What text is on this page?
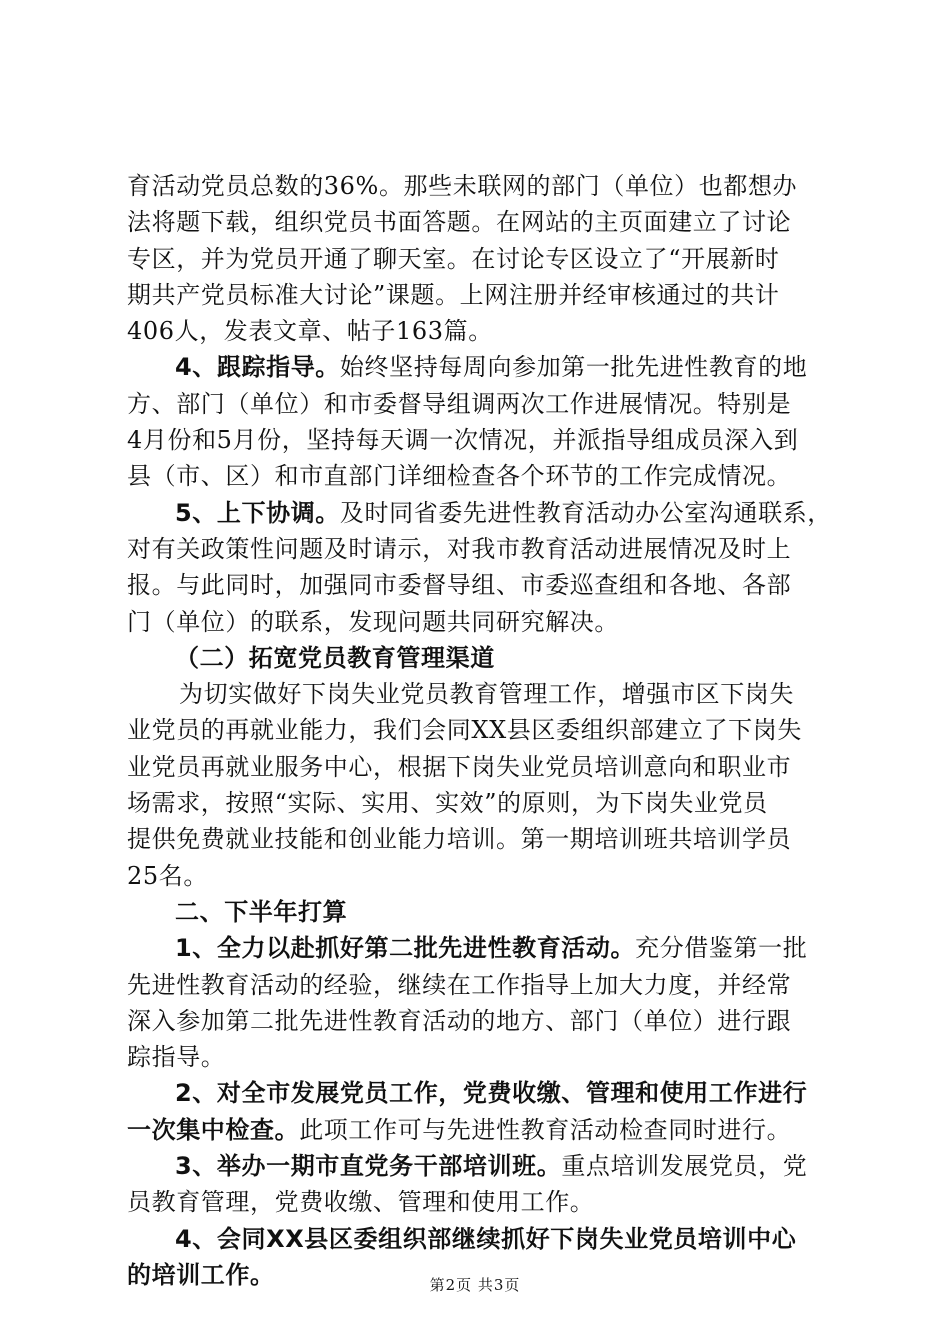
育活动党员总数的36%。那些未联网的部门（单位）也都想办
法将题下载，组织党员书面答题。在网站的主页面建立了讨论
专区，并为党员开通了聊天室。在讨论专区设立了“开展新时
期共产党员标准大讨论”课题。上网注册并经审核通过的共计
406人，发表文章、帖子163篇。
4、跟踪指导。始终坚持每周向参加第一批先进性教育的地
方、部门（单位）和市委督导组调两次工作进展情况。特别是
4月份和5月份，坚持每天调一次情况，并派指导组成员深入到
县（市、区）和市直部门详细检查各个环节的工作完成情况。
5、上下协调。及时同省委先进性教育活动办公室沟通联系，
对有关政策性问题及时请示，对我市教育活动进展情况及时上
报。与此同时，加强同市委督导组、市委巡查组和各地、各部
门（单位）的联系，发现问题共同研究解决。
（二）拓宽党员教育管理渠道
为切实做好下岗失业党员教育管理工作，增强市区下岗失
业党员的再就业能力，我们会同XX县区委组织部建立了下岗失
业党员再就业服务中心，根据下岗失业党员培训意向和职业市
场需求，按照“实际、实用、实效”的原则，为下岗失业党员
提供免费就业技能和创业能力培训。第一期培训班共培训学员
25名。
二、下半年打算
1、全力以赴抓好第二批先进性教育活动。充分借鉴第一批
先进性教育活动的经验，继续在工作指导上加大力度，并经常
深入参加第二批先进性教育活动的地方、部门（单位）进行跟
踪指导。
2、对全市发展党员工作，党费收缴、管理和使用工作进行
一次集中检查。此项工作可与先进性教育活动检查同时进行。
3、举办一期市直党务干部培训班。重点培训发展党员，党
员教育管理，党费收缴、管理和使用工作。
4、会同XX县区委组织部继续抓好下岗失业党员培训中心
的培训工作。	第2页 共3页
